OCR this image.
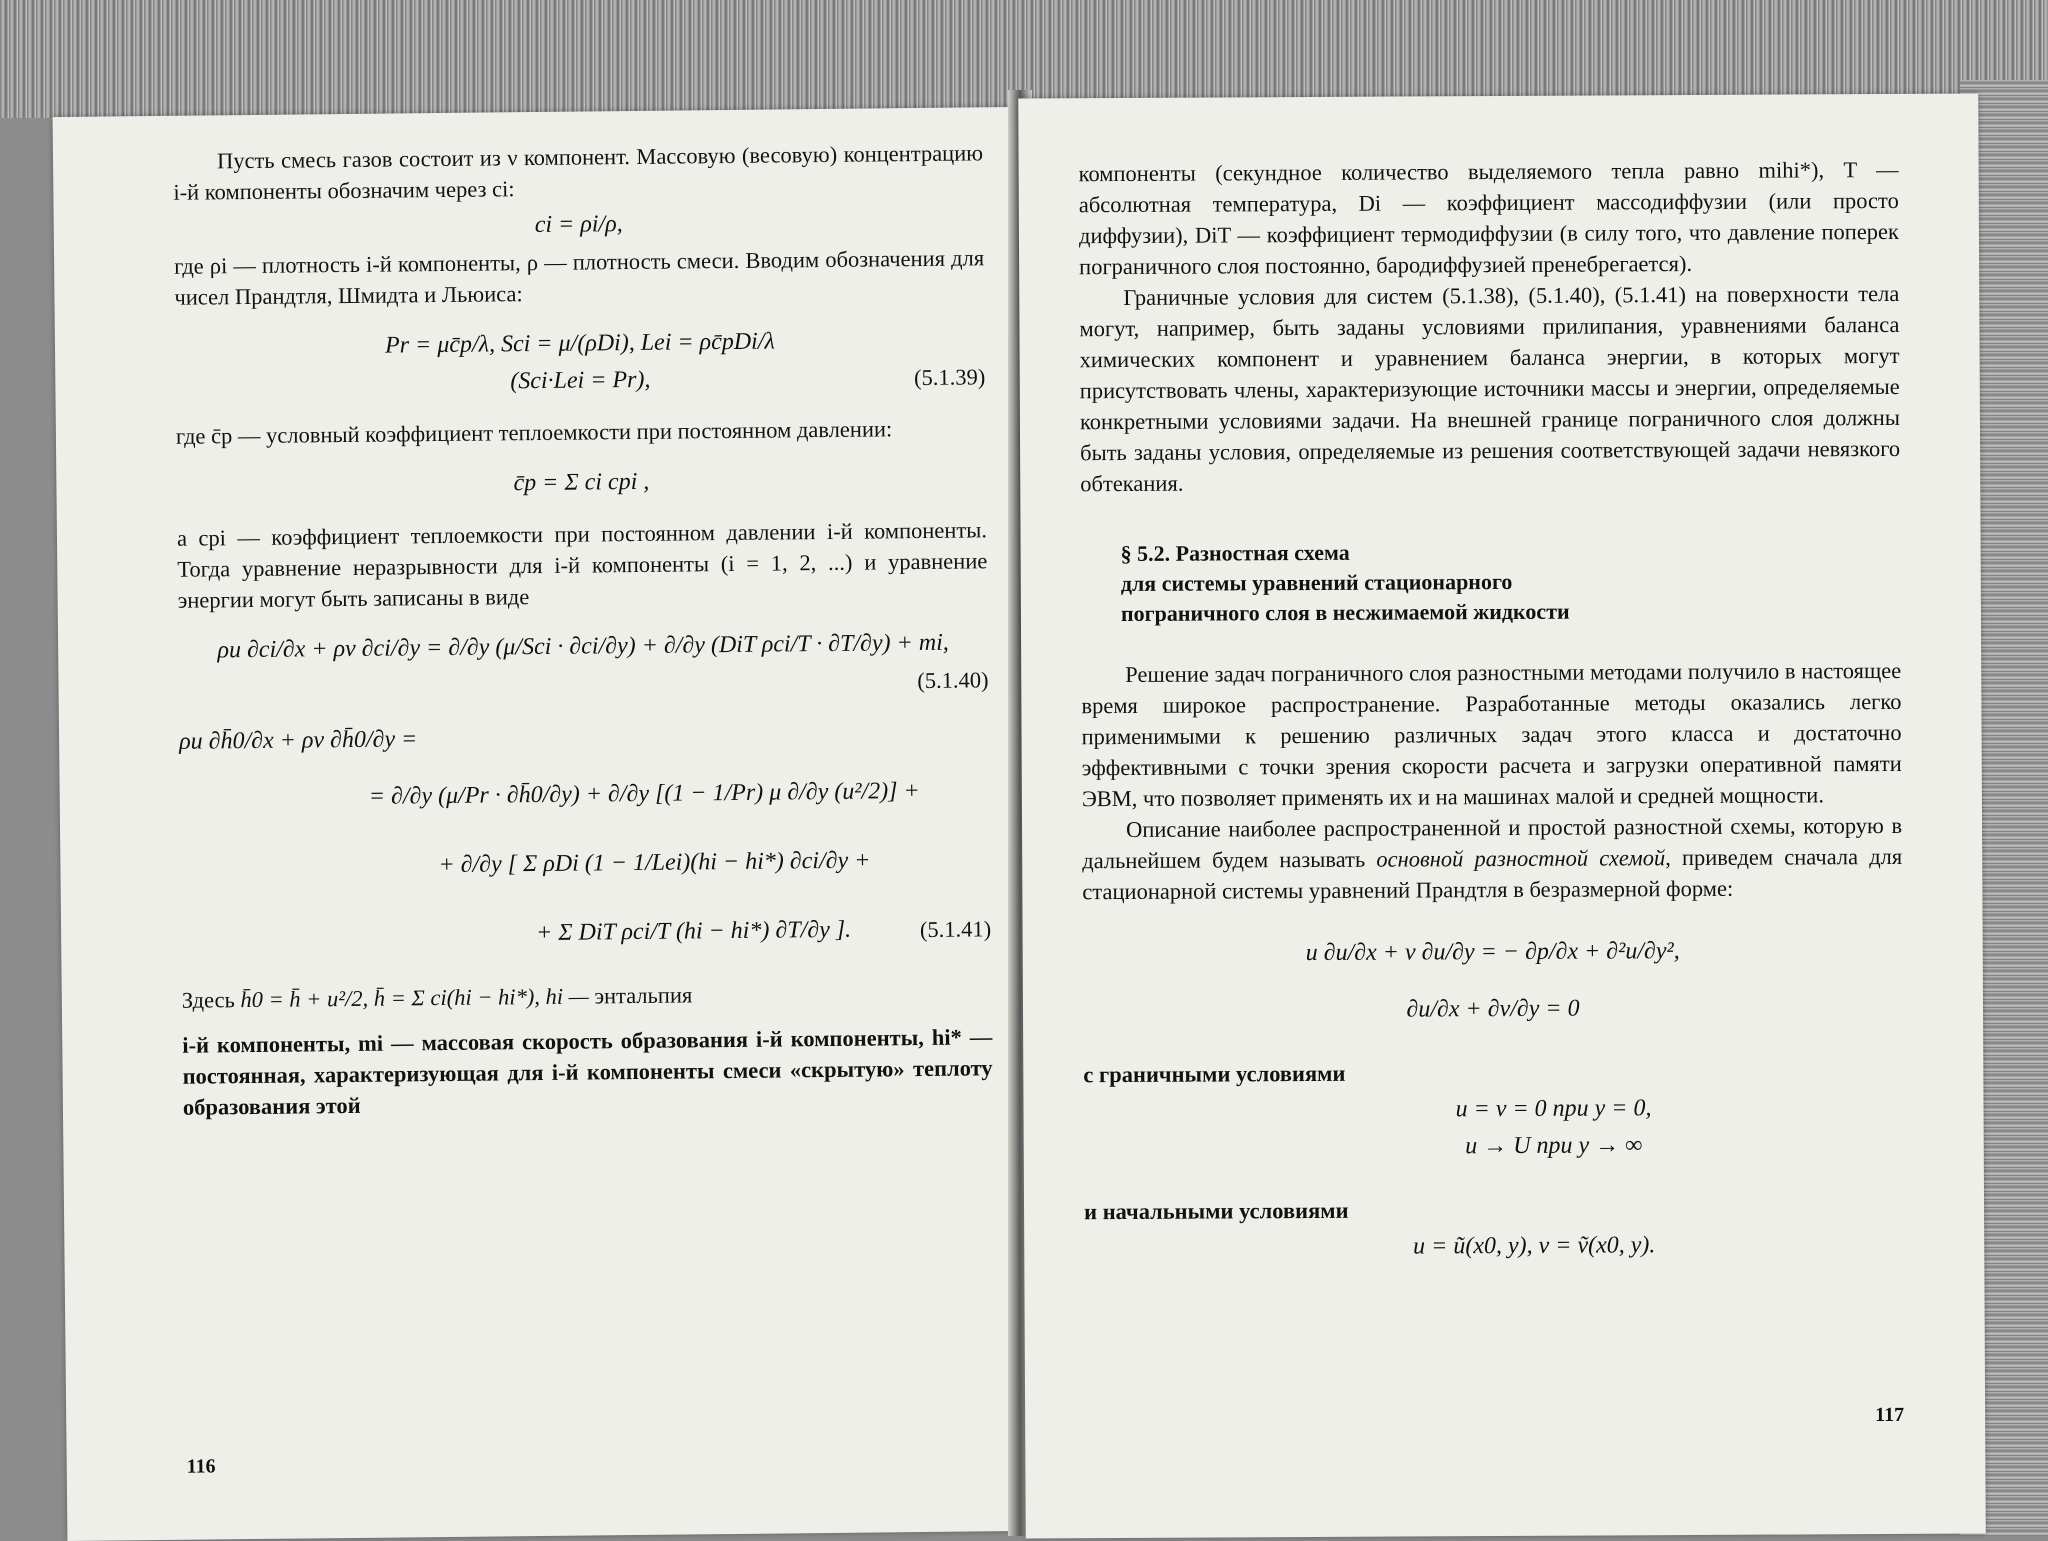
Пусть смесь газов состоит из ν компонент. Массовую (весовую) концентрацию i-й компоненты обозначим через ci:

ci = ρi/ρ,

где ρi — плотность i-й компоненты, ρ — плотность смеси. Вводим обозначения для чисел Прандтля, Шмидта и Льюиса:

Pr = μc̄p/λ, Sci = μ/(ρDi), Lei = ρc̄pDi/λ
(Sci·Lei = Pr),	(5.1.39)

где c̄p — условный коэффициент теплоемкости при постоянном давлении:

c̄p = Σ ci cpi ,

а cpi — коэффициент теплоемкости при постоянном давлении i-й компоненты. Тогда уравнение неразрывности для i-й компоненты (i = 1, 2, ...) и уравнение энергии могут быть записаны в виде

ρu ∂ci/∂x + ρv ∂ci/∂y = ∂/∂y (μ/Sci · ∂ci/∂y) + ∂/∂y (DiT ρci/T · ∂T/∂y) + mi,
(5.1.40)
ρu ∂h̄0/∂x + ρv ∂h̄0/∂y =
= ∂/∂y (μ/Pr · ∂h̄0/∂y) + ∂/∂y [(1 − 1/Pr) μ ∂/∂y (u²/2)] +
+ ∂/∂y [ Σ ρDi (1 − 1/Lei)(hi − hi*) ∂ci/∂y +
+ Σ DiT ρci/T (hi − hi*) ∂T/∂y ].	(5.1.41)

Здесь h̄0 = h̄ + u²/2, h̄ = Σ ci(hi − hi*), hi — энтальпия

i-й компоненты, mi — массовая скорость образования i-й компоненты, hi* — постоянная, характеризующая для i-й компоненты смеси «скрытую» теплоту образования этой

116

компоненты (секундное количество выделяемого тепла равно mihi*), T — абсолютная температура, Di — коэффициент массодиффузии (или просто диффузии), DiT — коэффициент термодиффузии (в силу того, что давление поперек пограничного слоя постоянно, бародиффузией пренебрегается).

Граничные условия для систем (5.1.38), (5.1.40), (5.1.41) на поверхности тела могут, например, быть заданы условиями прилипания, уравнениями баланса химических компонент и уравнением баланса энергии, в которых могут присутствовать члены, характеризующие источники массы и энергии, определяемые конкретными условиями задачи. На внешней границе пограничного слоя должны быть заданы условия, определяемые из решения соответствующей задачи невязкого обтекания.

§ 5.2. Разностная схема
для системы уравнений стационарного
пограничного слоя в несжимаемой жидкости

Решение задач пограничного слоя разностными методами получило в настоящее время широкое распространение. Разработанные методы оказались легко применимыми к решению различных задач этого класса и достаточно эффективными с точки зрения скорости расчета и загрузки оперативной памяти ЭВМ, что позволяет применять их и на машинах малой и средней мощности.

Описание наиболее распространенной и простой разностной схемы, которую в дальнейшем будем называть основной разностной схемой, приведем сначала для стационарной системы уравнений Прандтля в безразмерной форме:

u ∂u/∂x + v ∂u/∂y = − ∂p/∂x + ∂²u/∂y²,
∂u/∂x + ∂v/∂y = 0

с граничными условиями

u = v = 0 при y = 0,
u → U при y → ∞

и начальными условиями

u = ũ(x0, y), v = ṽ(x0, y).
117
